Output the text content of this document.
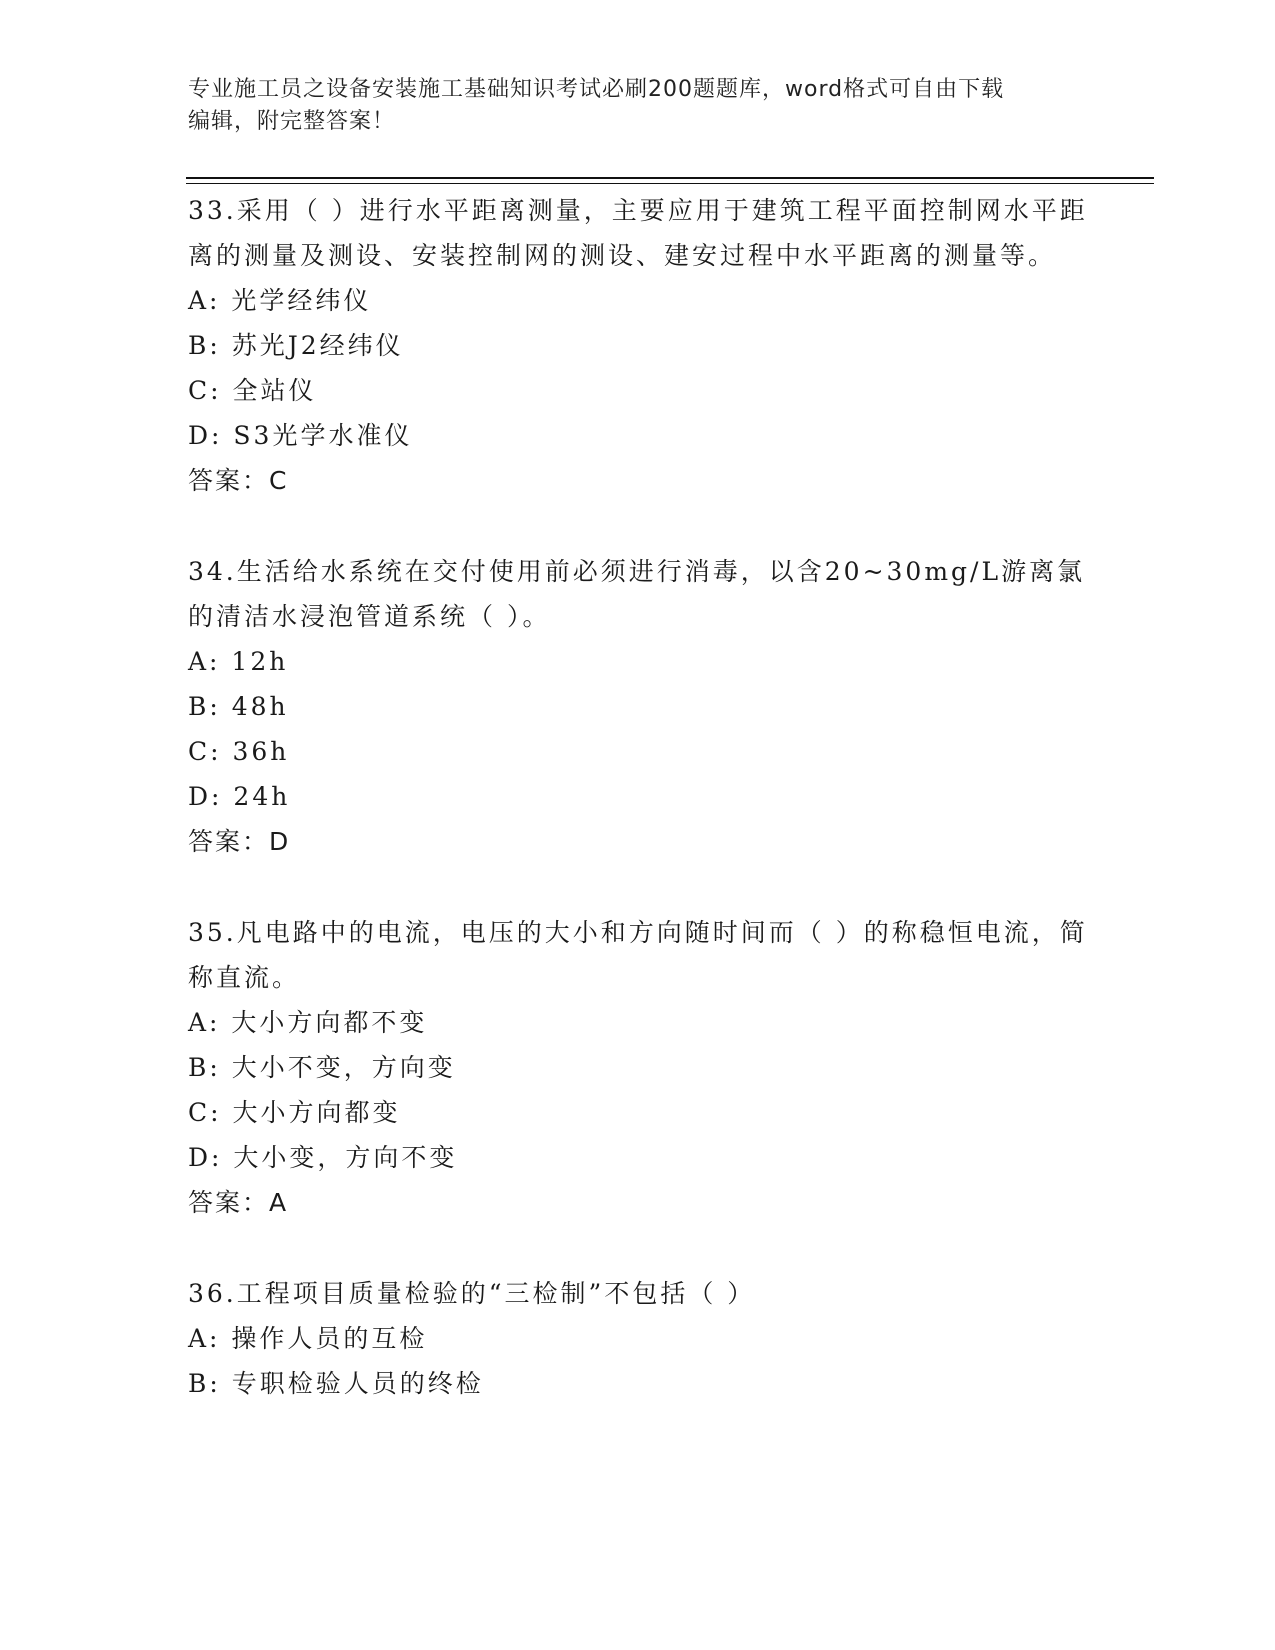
专业施工员之设备安装施工基础知识考试必刷200题题库，word格式可自由下载
编辑，附完整答案！

33.采用（ ）进行水平距离测量，主要应用于建筑工程平面控制网水平距离的测量及测设、安装控制网的测设、建安过程中水平距离的测量等。

A: 光学经纬仪

B: 苏光J2经纬仪

C: 全站仪

D: S3光学水准仪

答案：C

34.生活给水系统在交付使用前必须进行消毒，以含20~30mg/L游离氯的清洁水浸泡管道系统（ ）。

A: 12h

B: 48h

C: 36h

D: 24h

答案：D

35.凡电路中的电流，电压的大小和方向随时间而（ ）的称稳恒电流，简称直流。

A: 大小方向都不变

B: 大小不变，方向变

C: 大小方向都变

D: 大小变，方向不变

答案：A

36.工程项目质量检验的“三检制”不包括（ ）

A: 操作人员的互检

B: 专职检验人员的终检
